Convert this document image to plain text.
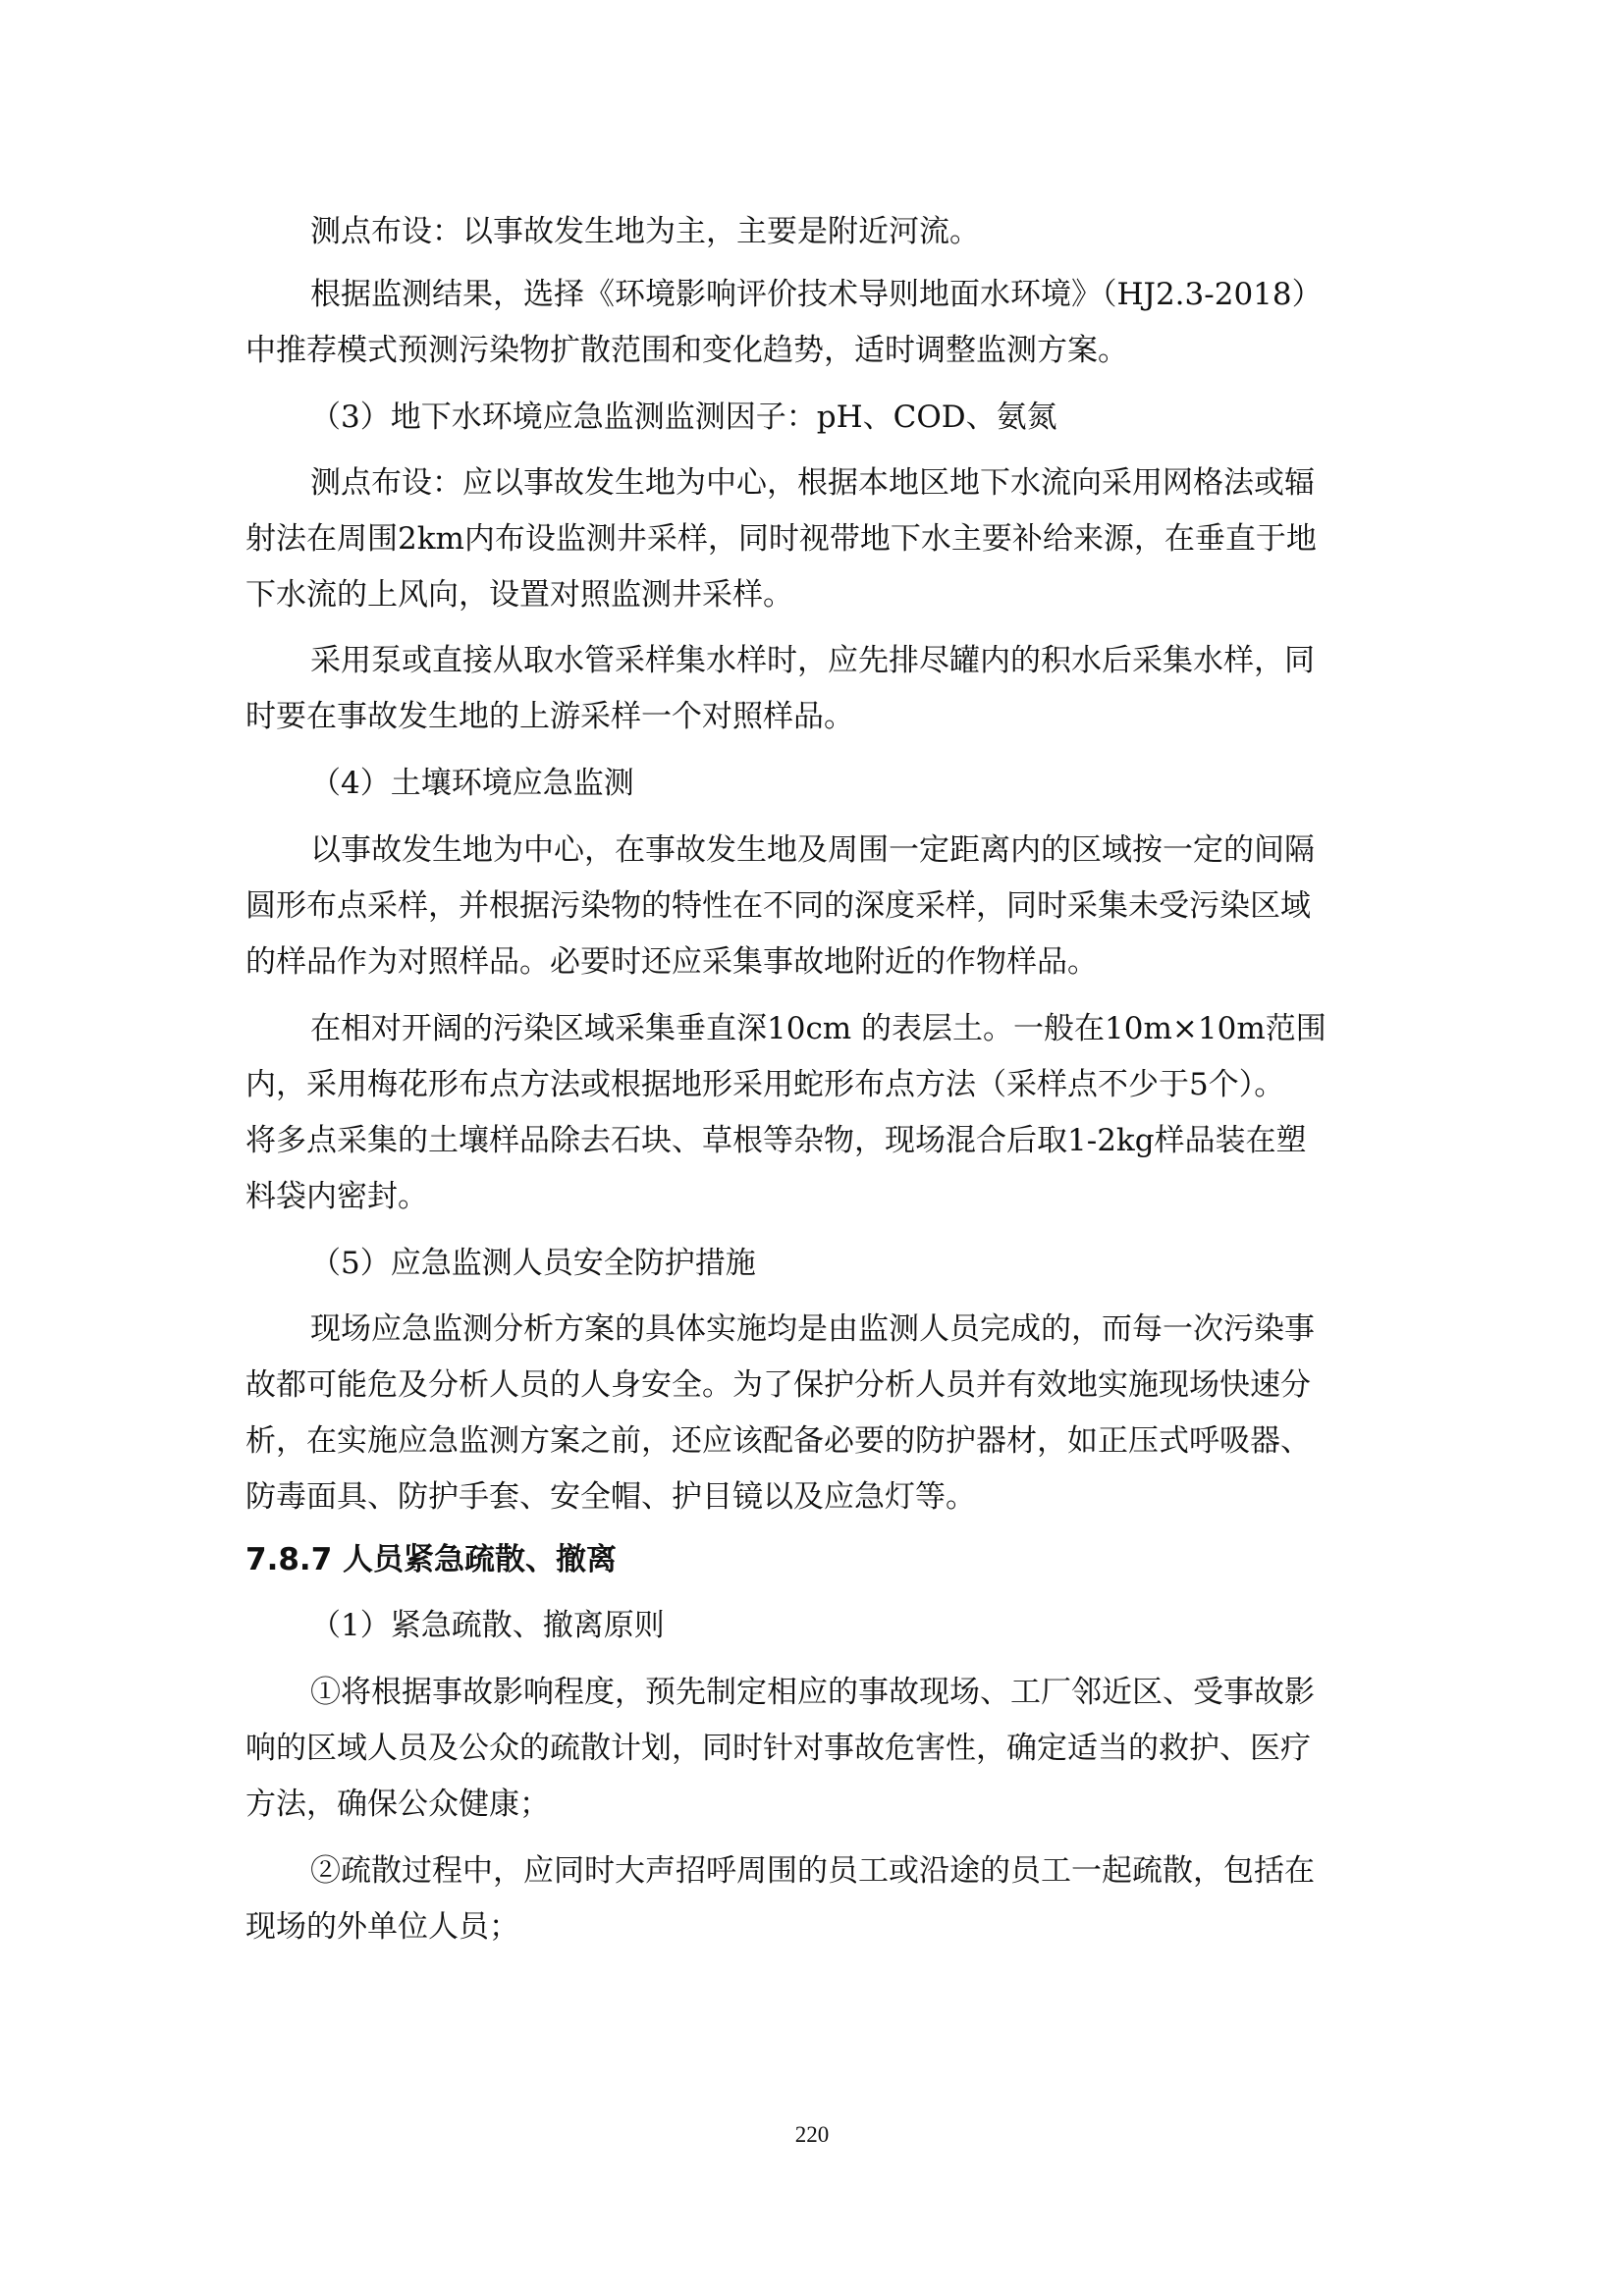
测点布设：以事故发生地为主，主要是附近河流。
根据监测结果，选择《环境影响评价技术导则地面水环境》（HJ2.3-2018）
中推荐模式预测污染物扩散范围和变化趋势，适时调整监测方案。
（3）地下水环境应急监测监测因子：pH、COD、氨氮
测点布设：应以事故发生地为中心，根据本地区地下水流向采用网格法或辐
射法在周围2km内布设监测井采样，同时视带地下水主要补给来源，在垂直于地
下水流的上风向，设置对照监测井采样。
采用泵或直接从取水管采样集水样时，应先排尽罐内的积水后采集水样，同
时要在事故发生地的上游采样一个对照样品。
（4）土壤环境应急监测
以事故发生地为中心，在事故发生地及周围一定距离内的区域按一定的间隔
圆形布点采样，并根据污染物的特性在不同的深度采样，同时采集未受污染区域
的样品作为对照样品。必要时还应采集事故地附近的作物样品。
在相对开阔的污染区域采集垂直深10cm 的表层土。一般在10m×10m范围
内，采用梅花形布点方法或根据地形采用蛇形布点方法（采样点不少于5个）。
将多点采集的土壤样品除去石块、草根等杂物，现场混合后取1-2kg样品装在塑
料袋内密封。
（5）应急监测人员安全防护措施
现场应急监测分析方案的具体实施均是由监测人员完成的，而每一次污染事
故都可能危及分析人员的人身安全。为了保护分析人员并有效地实施现场快速分
析，在实施应急监测方案之前，还应该配备必要的防护器材，如正压式呼吸器、
防毒面具、防护手套、安全帽、护目镜以及应急灯等。
7.8.7 人员紧急疏散、撤离
（1）紧急疏散、撤离原则
①将根据事故影响程度，预先制定相应的事故现场、工厂邻近区、受事故影
响的区域人员及公众的疏散计划，同时针对事故危害性，确定适当的救护、医疗
方法，确保公众健康；
②疏散过程中，应同时大声招呼周围的员工或沿途的员工一起疏散，包括在
现场的外单位人员；
220
